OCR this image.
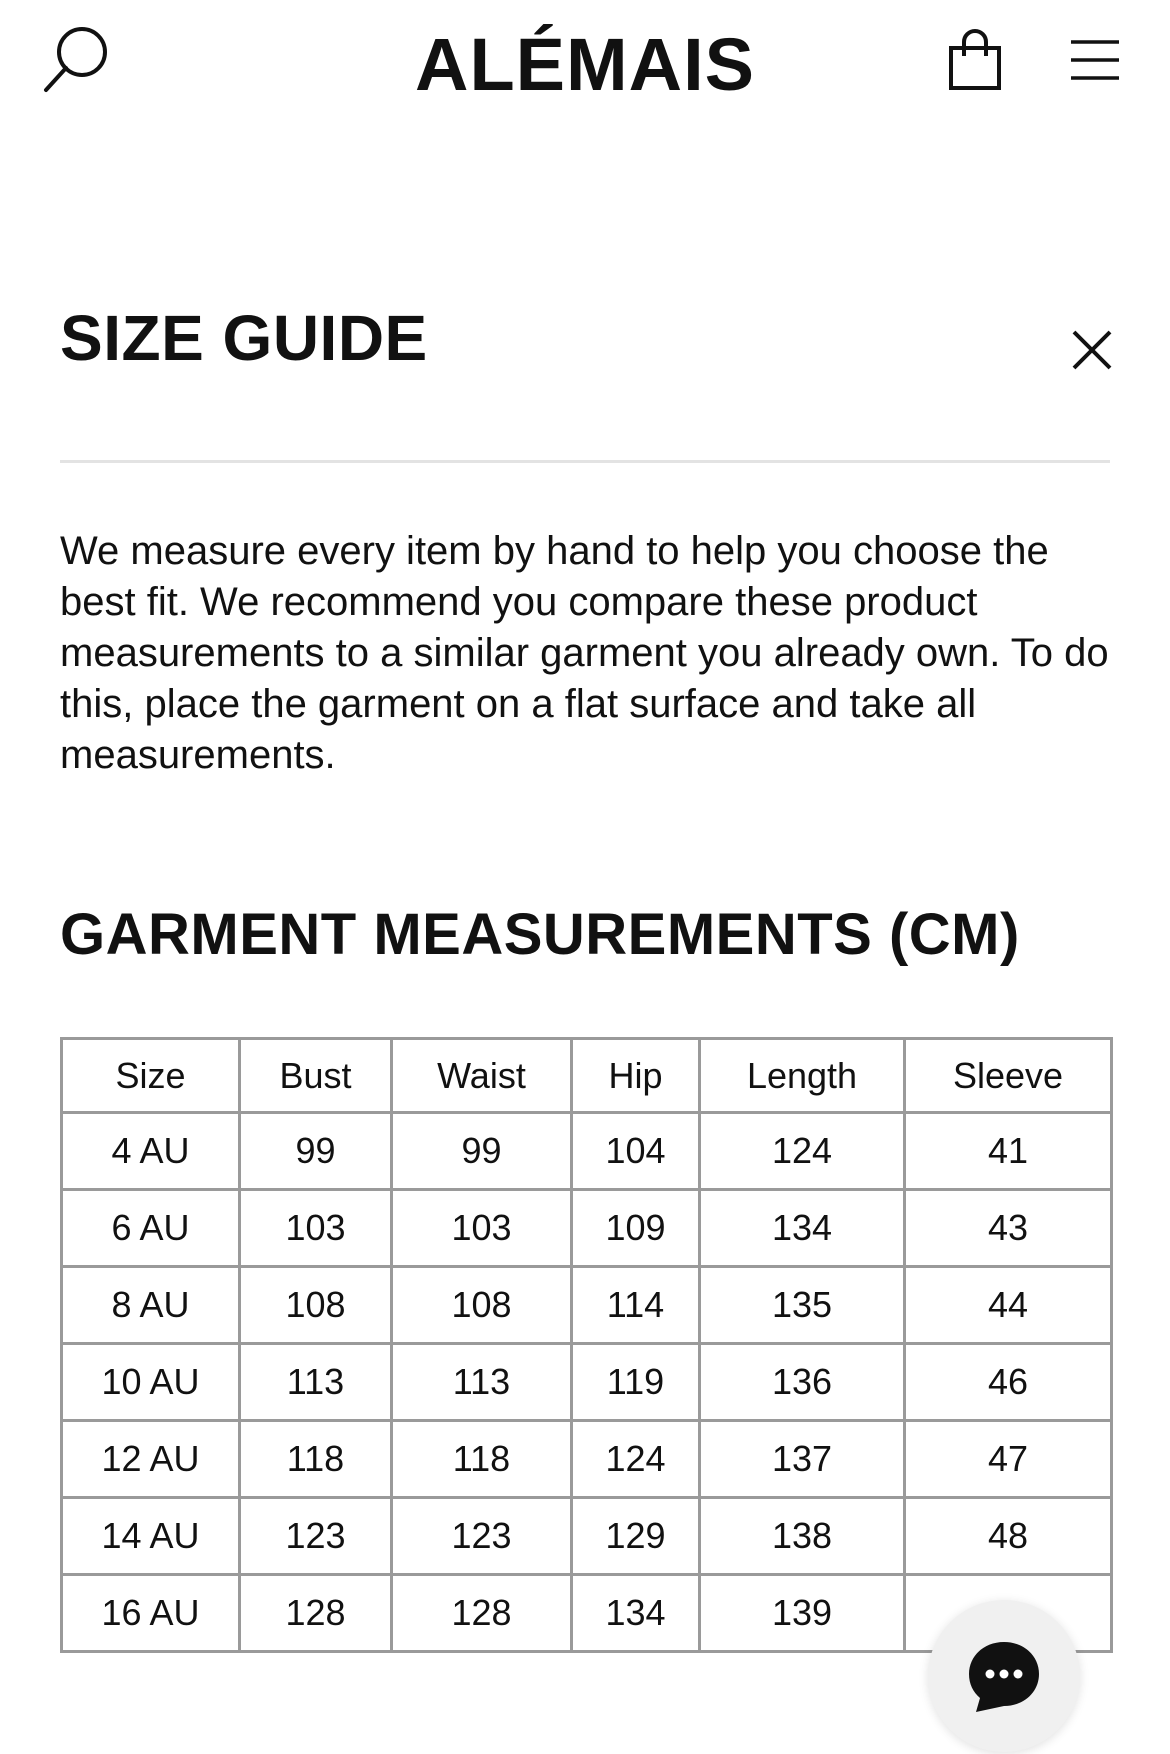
ALÉMAIS
SIZE GUIDE
We measure every item by hand to help you choose the best fit. We recommend you compare these product measurements to a similar garment you already own. To do this, place the garment on a flat surface and take all measurements.
GARMENT MEASUREMENTS (CM)
Size	Bust	Waist	Hip	Length	Sleeve
4 AU	99	99	104	124	41
6 AU	103	103	109	134	43
8 AU	108	108	114	135	44
10 AU	113	113	119	136	46
12 AU	118	118	124	137	47
14 AU	123	123	129	138	48
16 AU	128	128	134	139	
